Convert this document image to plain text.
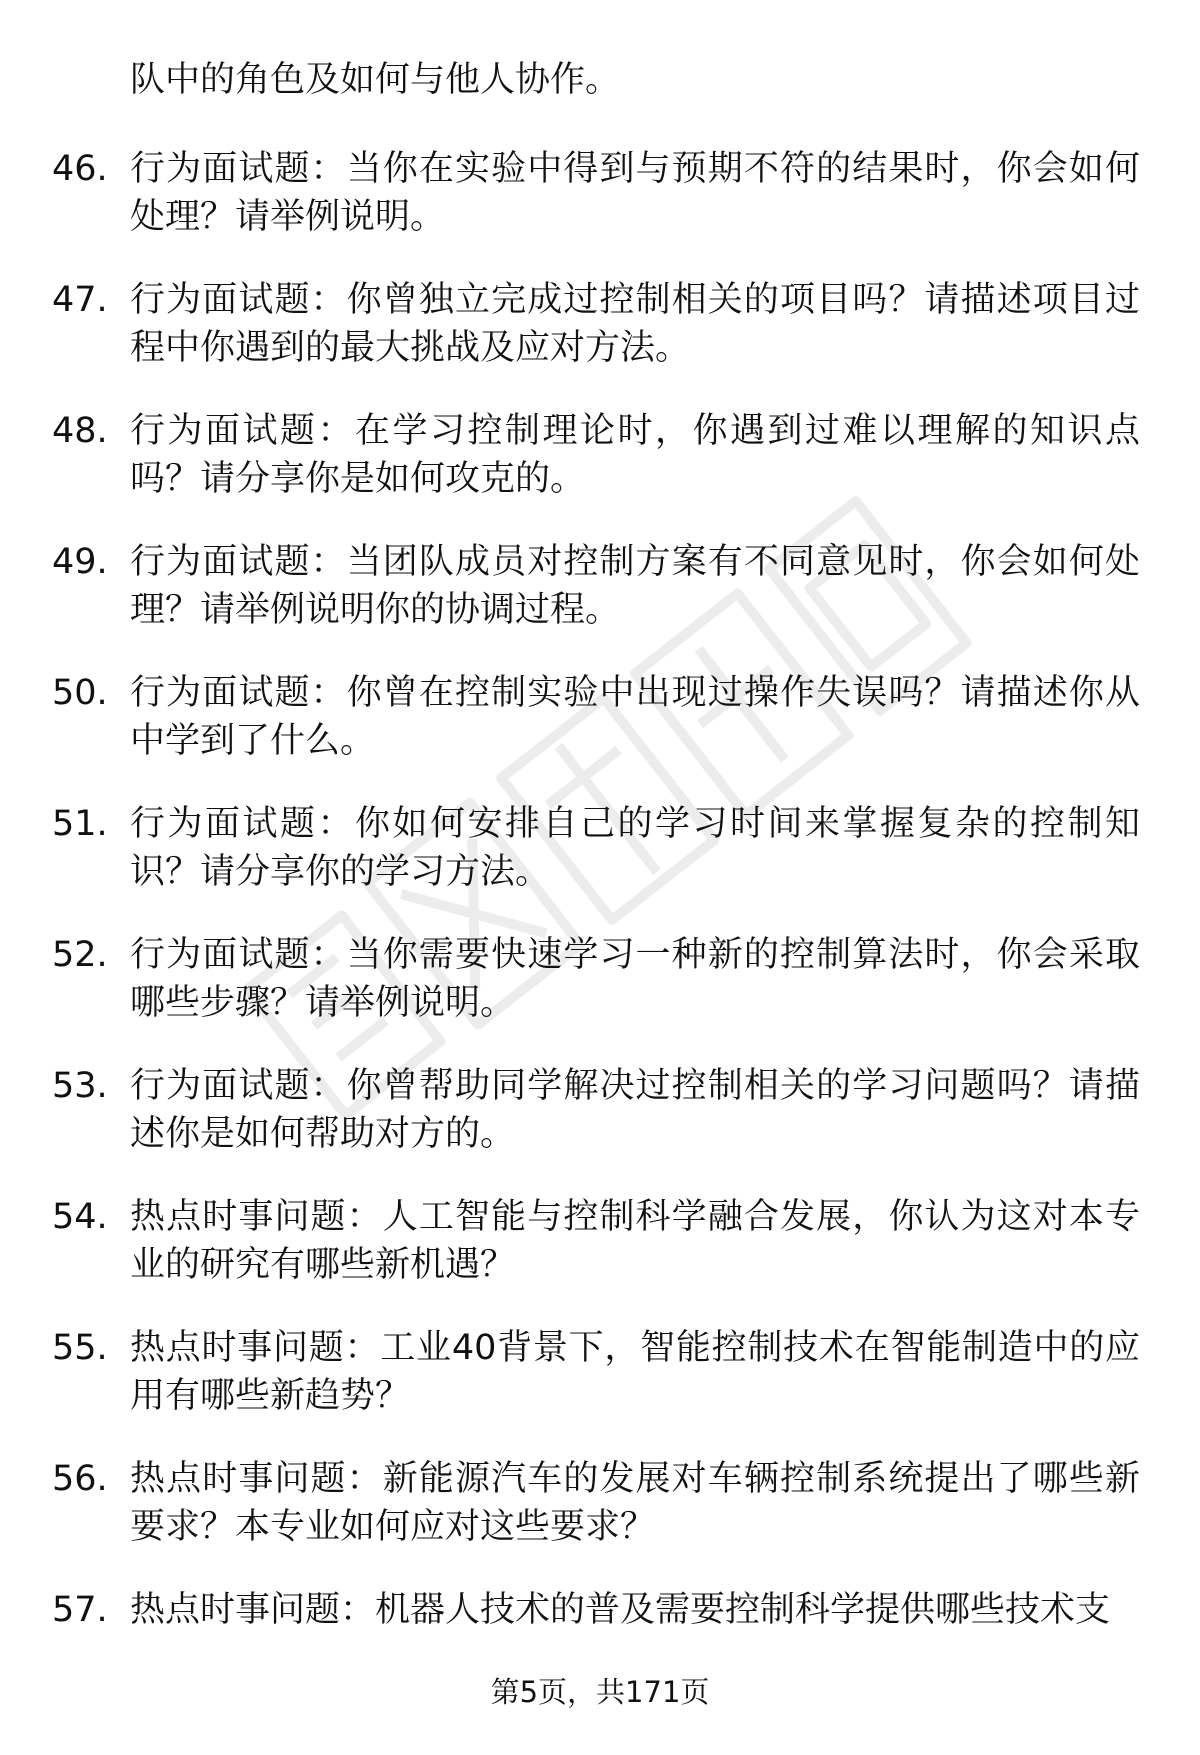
队中的角色及如何与他人协作。

46. 行为面试题：当你在实验中得到与预期不符的结果时，你会如何处理？请举例说明。
47. 行为面试题：你曾独立完成过控制相关的项目吗？请描述项目过程中你遇到的最大挑战及应对方法。
48. 行为面试题：在学习控制理论时，你遇到过难以理解的知识点吗？请分享你是如何攻克的。
49. 行为面试题：当团队成员对控制方案有不同意见时，你会如何处理？请举例说明你的协调过程。
50. 行为面试题：你曾在控制实验中出现过操作失误吗？请描述你从中学到了什么。
51. 行为面试题：你如何安排自己的学习时间来掌握复杂的控制知识？请分享你的学习方法。
52. 行为面试题：当你需要快速学习一种新的控制算法时，你会采取哪些步骤？请举例说明。
53. 行为面试题：你曾帮助同学解决过控制相关的学习问题吗？请描述你是如何帮助对方的。
54. 热点时事问题：人工智能与控制科学融合发展，你认为这对本专业的研究有哪些新机遇？
55. 热点时事问题：工业40背景下，智能控制技术在智能制造中的应用有哪些新趋势？
56. 热点时事问题：新能源汽车的发展对车辆控制系统提出了哪些新要求？本专业如何应对这些要求？
57. 热点时事问题：机器人技术的普及需要控制科学提供哪些技术支
第5页，共171页
